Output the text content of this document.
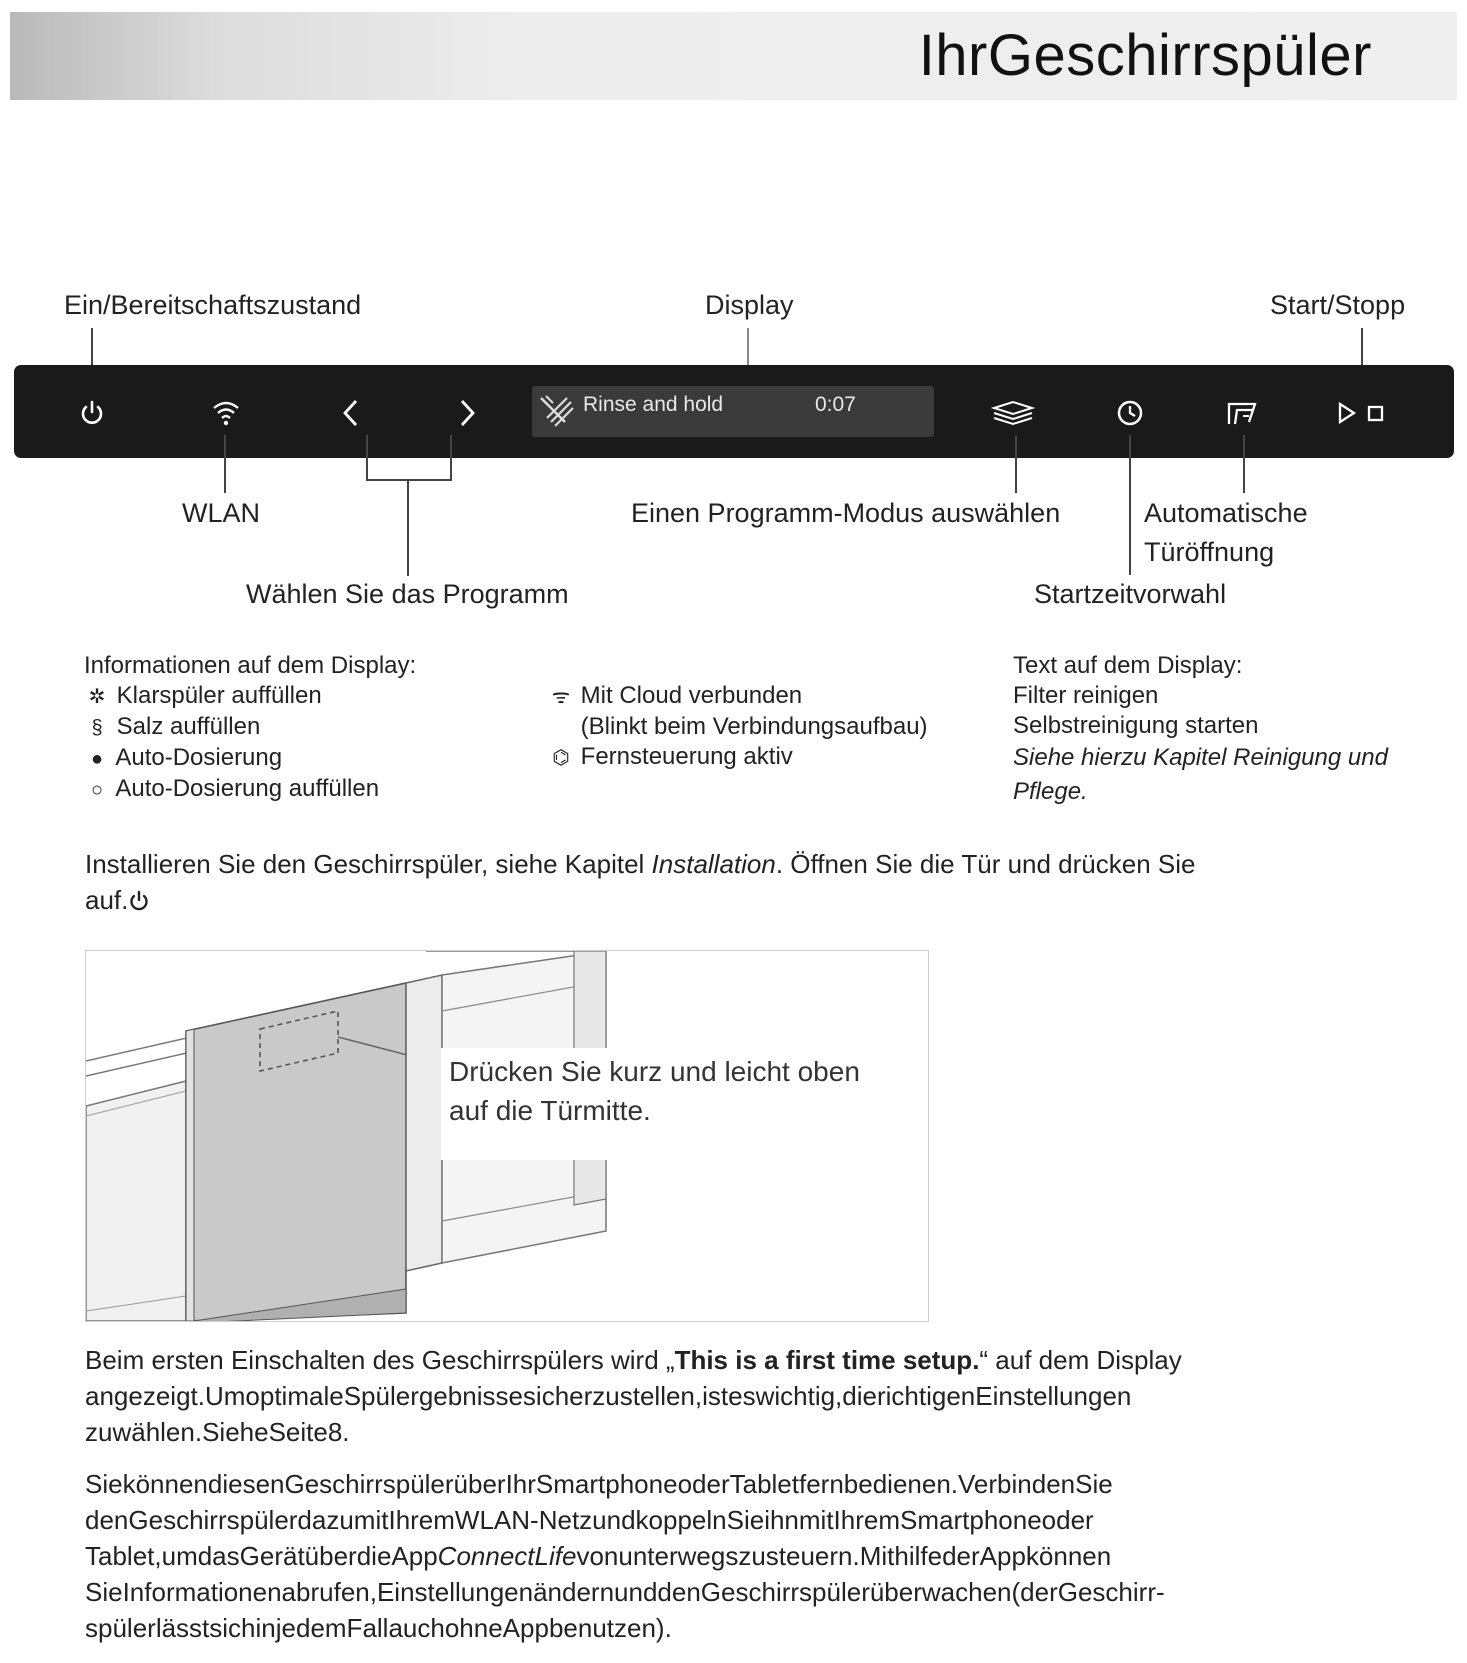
IhrGeschirrspüler
Ein/Bereitschaftszustand	Display	Start/Stopp
Rinse and hold	0:07
WLAN	Einen Programm-Modus auswählen	Automatische
Türöffnung
Wählen Sie das Programm	Startzeitvorwahl
Informationen auf dem Display:
✲ Klarspüler auffüllen
§ Salz auffüllen
● Auto-Dosierung
○ Auto-Dosierung auffüllen
ᯤ Mit Cloud verbunden
(Blinkt beim Verbindungsaufbau)
⌬ Fernsteuerung aktiv
Text auf dem Display:
Filter reinigen
Selbstreinigung starten
Siehe hierzu Kapitel Reinigung und
Pflege.
Installieren Sie den Geschirrspüler, siehe Kapitel Installation. Öffnen Sie die Tür und drücken Sie
auf.
Drücken Sie kurz und leicht oben
auf die Türmitte.
Beim ersten Einschalten des Geschirrspülers wird „This is a first time setup.“ auf dem Display
angezeigt.UmoptimaleSpülergebnissesicherzustellen,isteswichtig,dierichtigenEinstellungen
zuwählen.SieheSeite8.
SiekönnendiesenGeschirrspülerüberIhrSmartphoneoderTabletfernbedienen.VerbindenSie
denGeschirrspülerdazumitIhremWLAN-NetzundkoppelnSieihnmitIhremSmartphoneoder
Tablet,umdasGerätüberdieAppConnectLifevonunterwegszusteuern.MithilfederAppkönnen
SieInformationenabrufen,EinstellungenändernunddenGeschirrspülerüberwachen(derGeschirr-
spülerlässtsichinjedemFallauchohneAppbenutzen).
